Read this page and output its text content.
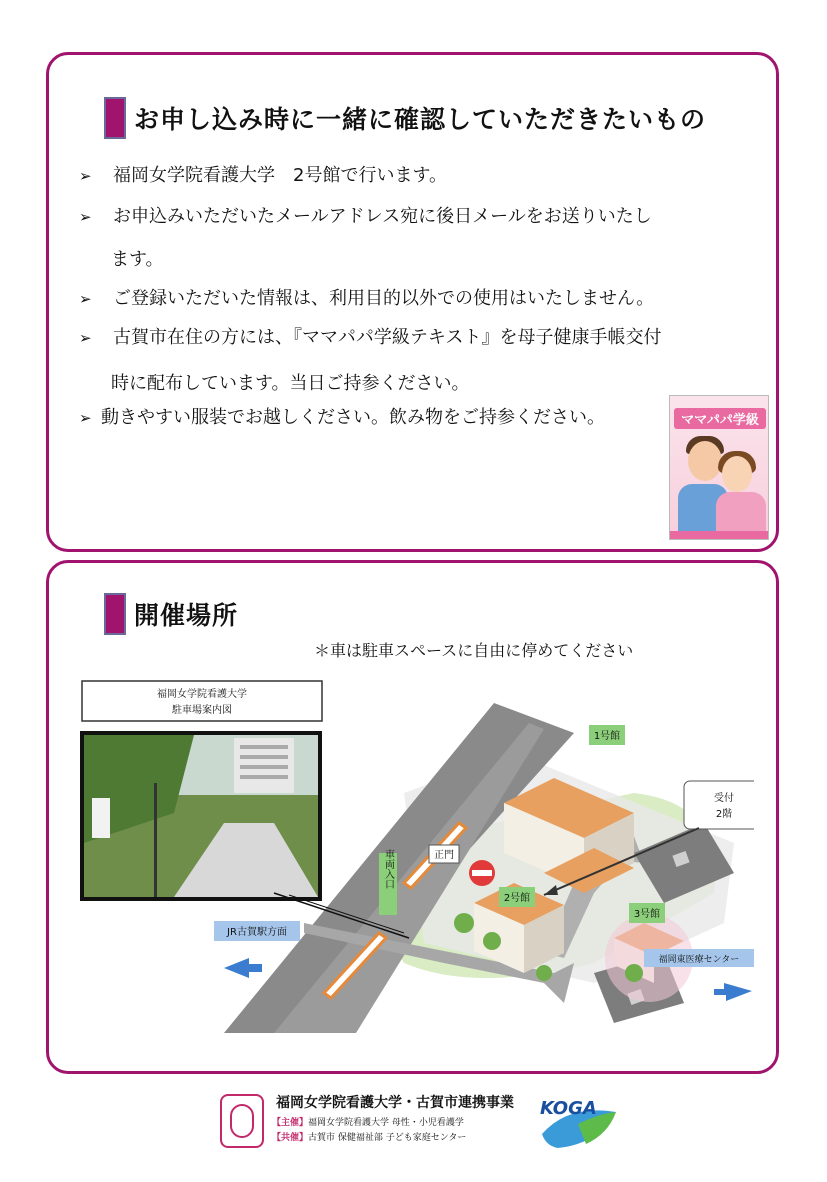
お申し込み時に一緒に確認していただきたいもの
➢ 福岡女学院看護大学　2号館で行います。
➢ お申込みいただいたメールアドレス宛に後日メールをお送りいたし
ます。
➢ ご登録いただいた情報は、利用目的以外での使用はいたしません。
➢ 古賀市在住の方には、『ママパパ学級テキスト』を母子健康手帳交付
時に配布しています。当日ご持参ください。
➢ 動きやすい服装でお越しください。飲み物をご持参ください。	ママパパ学級
開催場所
＊車は駐車スペースに自由に停めてください
正門
車両入口
1号館
2号館
3号館
受付
2階
JR古賀駅方面
福岡東医療センター
福岡女学院看護大学
駐車場案内図
福岡女学院看護大学・古賀市連携事業
【主催】福岡女学院看護大学 母性・小児看護学
【共催】古賀市 保健福祉部 子ども家庭センター
KOGA
